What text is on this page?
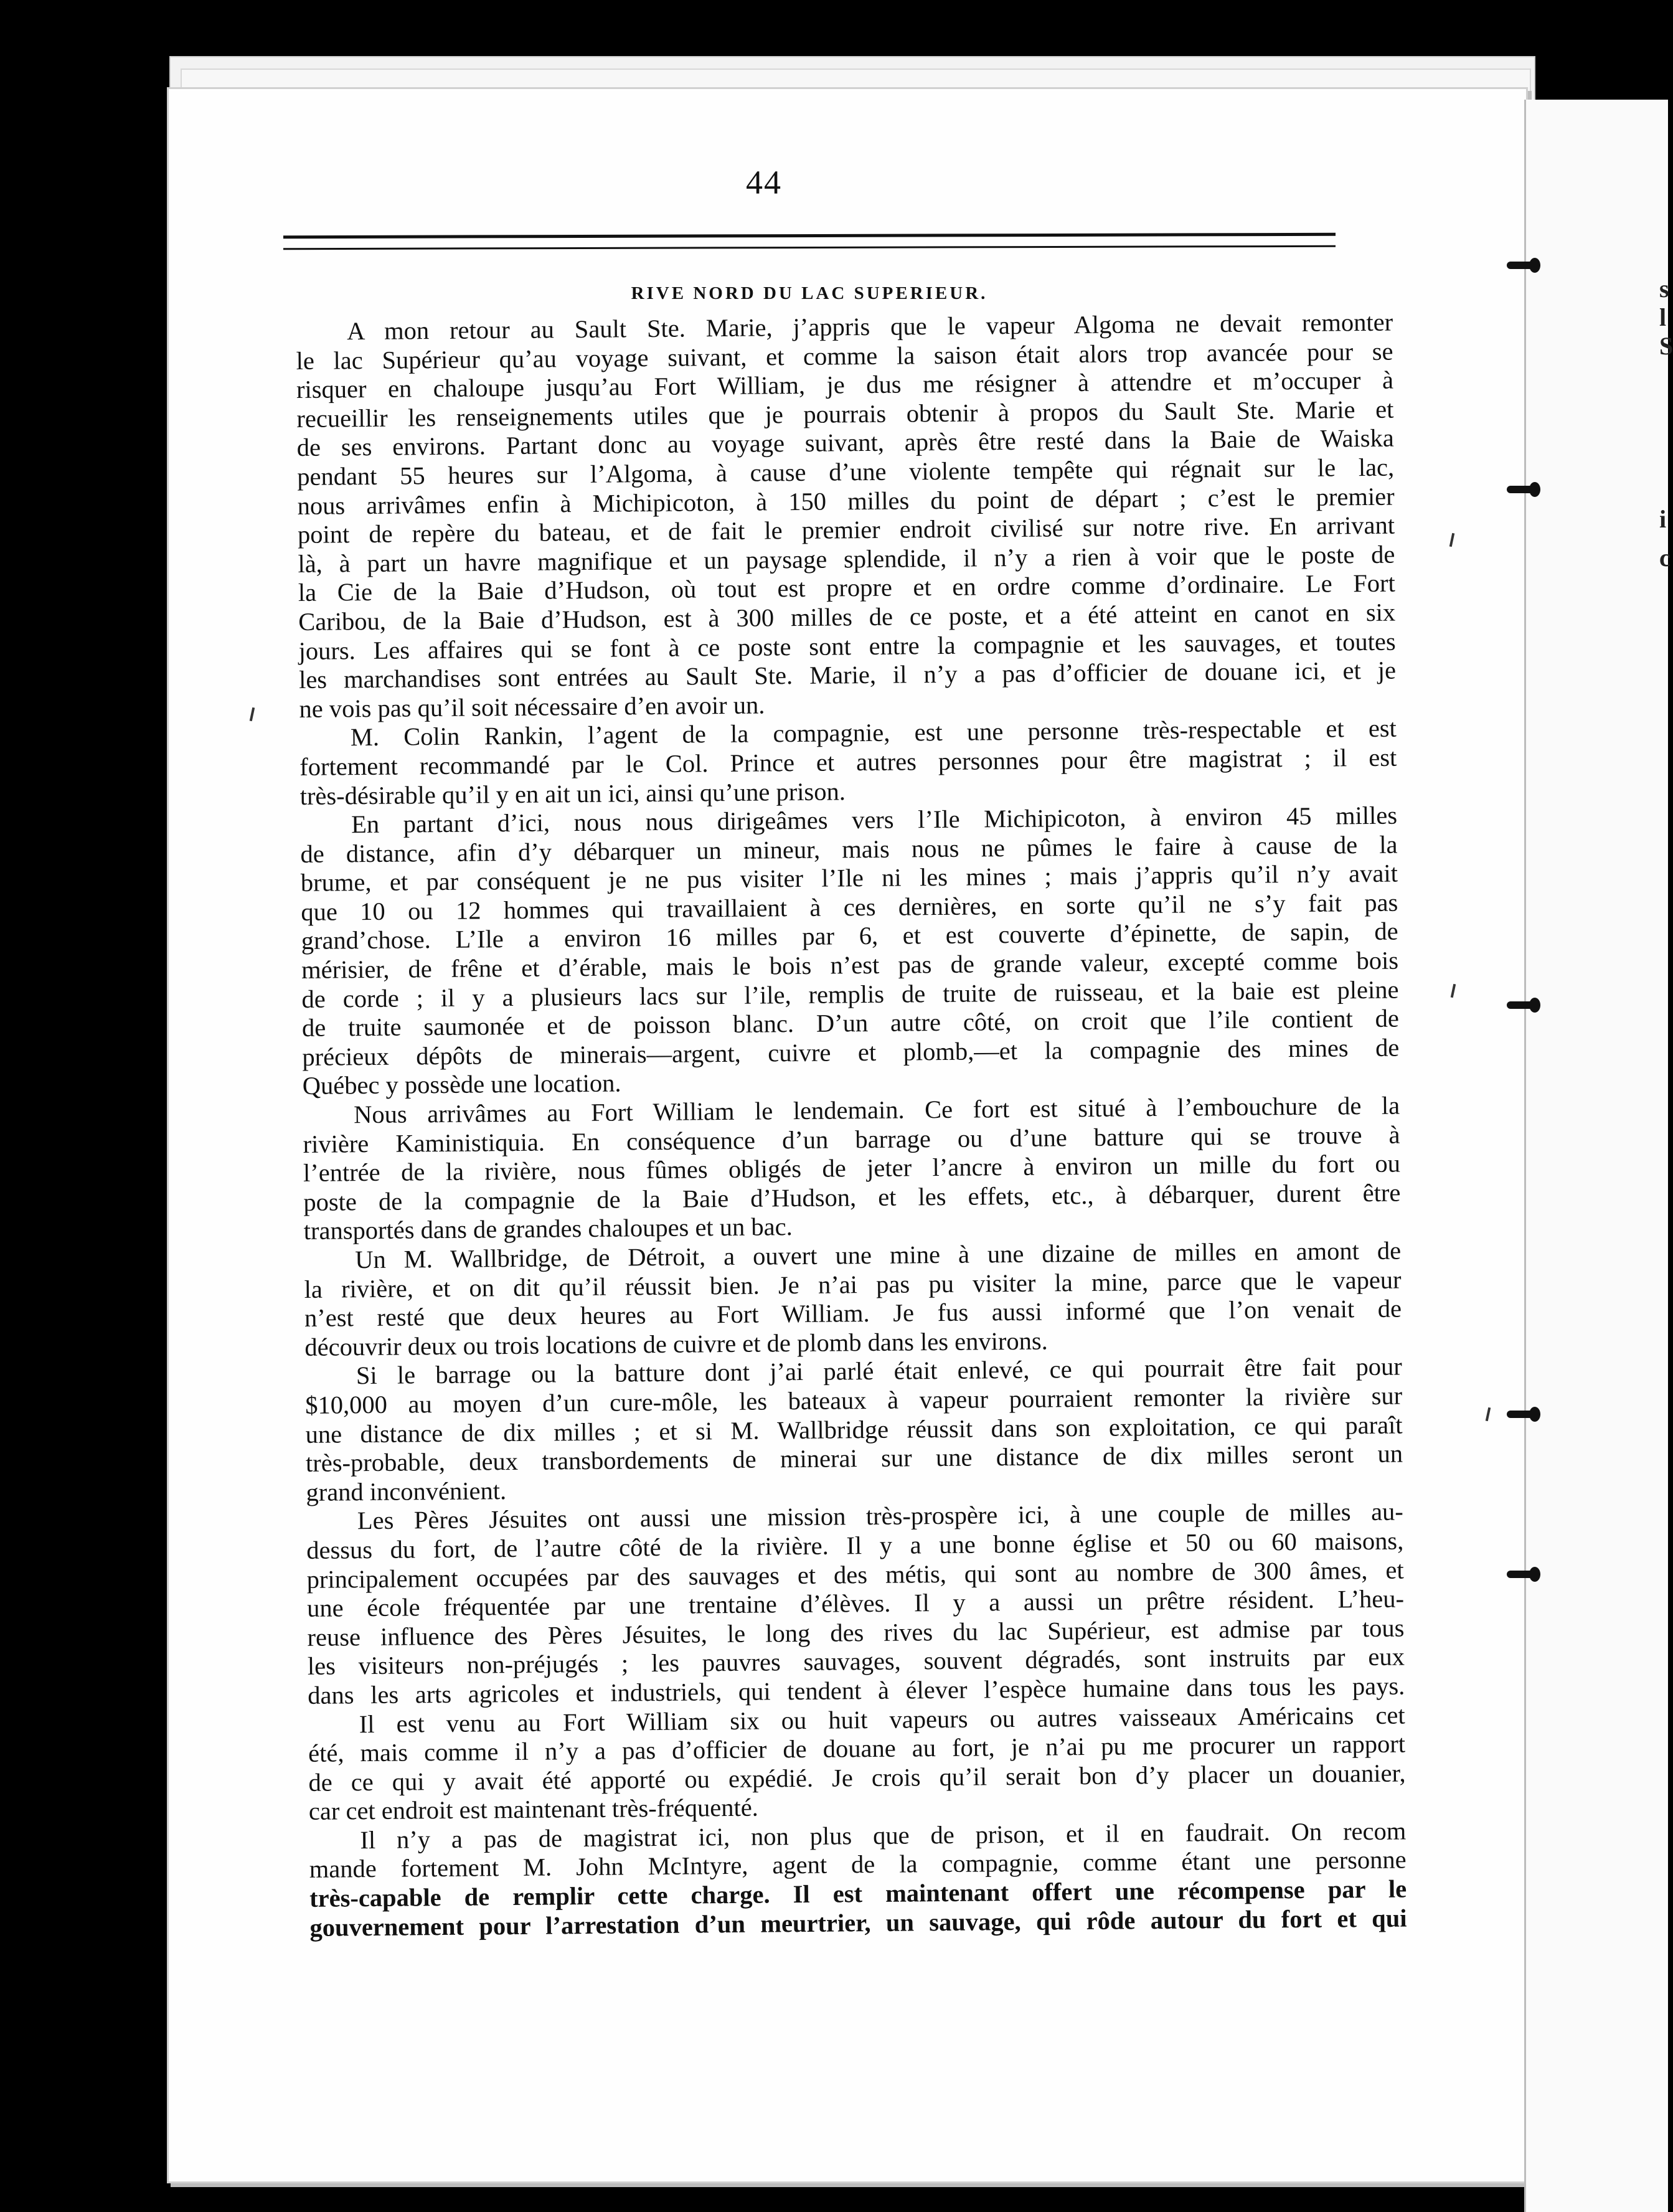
s
l
S
i
c
44
RIVE NORD DU LAC SUPERIEUR.

A mon retour au Sault Ste. Marie, j’appris que le vapeur Algoma ne devait remonter

le lac Supérieur qu’au voyage suivant, et comme la saison était alors trop avancée pour se

risquer en chaloupe jusqu’au Fort William, je dus me résigner à attendre et m’occuper à

recueillir les renseignements utiles que je pourrais obtenir à propos du Sault Ste. Marie et

de ses environs. Partant donc au voyage suivant, après être resté dans la Baie de Waiska

pendant 55 heures sur l’Algoma, à cause d’une violente tempête qui régnait sur le lac,

nous arrivâmes enfin à Michipicoton, à 150 milles du point de départ ; c’est le premier

point de repère du bateau, et de fait le premier endroit civilisé sur notre rive. En arrivant

là, à part un havre magnifique et un paysage splendide, il n’y a rien à voir que le poste de

la Cie de la Baie d’Hudson, où tout est propre et en ordre comme d’ordinaire. Le Fort

Caribou, de la Baie d’Hudson, est à 300 milles de ce poste, et a été atteint en canot en six

jours. Les affaires qui se font à ce poste sont entre la compagnie et les sauvages, et toutes

les marchandises sont entrées au Sault Ste. Marie, il n’y a pas d’officier de douane ici, et je

ne vois pas qu’il soit nécessaire d’en avoir un.

M. Colin Rankin, l’agent de la compagnie, est une personne très-respectable et est

fortement recommandé par le Col. Prince et autres personnes pour être magistrat ; il est

très-désirable qu’il y en ait un ici, ainsi qu’une prison.

En partant d’ici, nous nous dirigeâmes vers l’Ile Michipicoton, à environ 45 milles

de distance, afin d’y débarquer un mineur, mais nous ne pûmes le faire à cause de la

brume, et par conséquent je ne pus visiter l’Ile ni les mines ; mais j’appris qu’il n’y avait

que 10 ou 12 hommes qui travaillaient à ces dernières, en sorte qu’il ne s’y fait pas

grand’chose. L’Ile a environ 16 milles par 6, et est couverte d’épinette, de sapin, de

mérisier, de frêne et d’érable, mais le bois n’est pas de grande valeur, excepté comme bois

de corde ; il y a plusieurs lacs sur l’ile, remplis de truite de ruisseau, et la baie est pleine

de truite saumonée et de poisson blanc. D’un autre côté, on croit que l’ile contient de

précieux dépôts de minerais—argent, cuivre et plomb,—et la compagnie des mines de

Québec y possède une location.

Nous arrivâmes au Fort William le lendemain. Ce fort est situé à l’embouchure de la

rivière Kaministiquia. En conséquence d’un barrage ou d’une batture qui se trouve à

l’entrée de la rivière, nous fûmes obligés de jeter l’ancre à environ un mille du fort ou

poste de la compagnie de la Baie d’Hudson, et les effets, etc., à débarquer, durent être

transportés dans de grandes chaloupes et un bac.

Un M. Wallbridge, de Détroit, a ouvert une mine à une dizaine de milles en amont de

la rivière, et on dit qu’il réussit bien. Je n’ai pas pu visiter la mine, parce que le vapeur

n’est resté que deux heures au Fort William. Je fus aussi informé que l’on venait de

découvrir deux ou trois locations de cuivre et de plomb dans les environs.

Si le barrage ou la batture dont j’ai parlé était enlevé, ce qui pourrait être fait pour

$10,000 au moyen d’un cure-môle, les bateaux à vapeur pourraient remonter la rivière sur

une distance de dix milles ; et si M. Wallbridge réussit dans son exploitation, ce qui paraît

très-probable, deux transbordements de minerai sur une distance de dix milles seront un

grand inconvénient.

Les Pères Jésuites ont aussi une mission très-prospère ici, à une couple de milles au-

dessus du fort, de l’autre côté de la rivière. Il y a une bonne église et 50 ou 60 maisons,

principalement occupées par des sauvages et des métis, qui sont au nombre de 300 âmes, et

une école fréquentée par une trentaine d’élèves. Il y a aussi un prêtre résident. L’heu-

reuse influence des Pères Jésuites, le long des rives du lac Supérieur, est admise par tous

les visiteurs non-préjugés ; les pauvres sauvages, souvent dégradés, sont instruits par eux

dans les arts agricoles et industriels, qui tendent à élever l’espèce humaine dans tous les pays.

Il est venu au Fort William six ou huit vapeurs ou autres vaisseaux Américains cet

été, mais comme il n’y a pas d’officier de douane au fort, je n’ai pu me procurer un rapport

de ce qui y avait été apporté ou expédié. Je crois qu’il serait bon d’y placer un douanier,

car cet endroit est maintenant très-fréquenté.

Il n’y a pas de magistrat ici, non plus que de prison, et il en faudrait. On recom

mande fortement M. John McIntyre, agent de la compagnie, comme étant une personne

très-capable de remplir cette charge. Il est maintenant offert une récompense par le

gouvernement pour l’arrestation d’un meurtrier, un sauvage, qui rôde autour du fort et qui
